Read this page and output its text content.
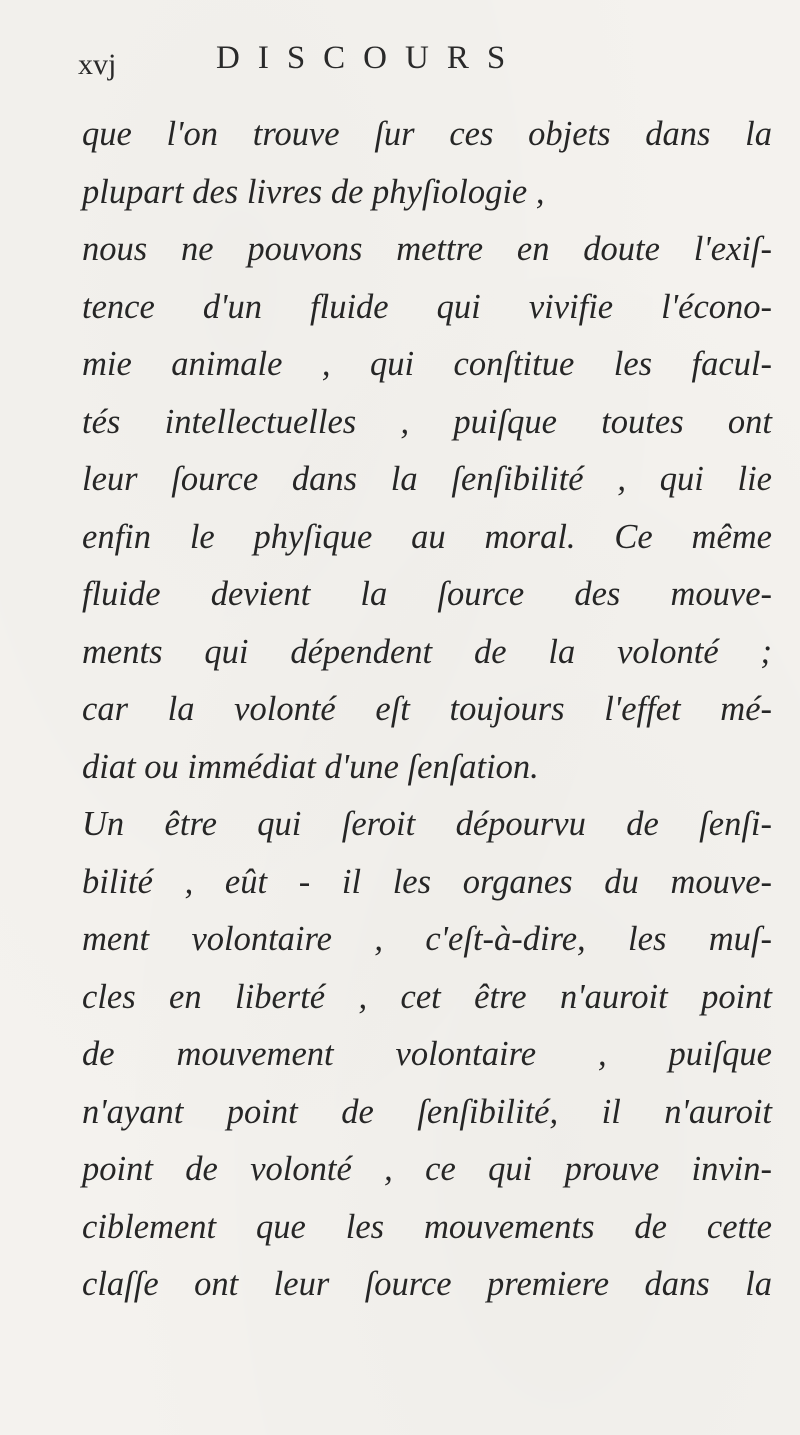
xvj	DISCOURS
que l'on trouve ſur ces objets dans la
plupart des livres de phyſiologie ,
nous ne pouvons mettre en doute l'exiſ-
tence d'un fluide qui vivifie l'écono-
mie animale , qui conſtitue les facul-
tés intellectuelles , puiſque toutes ont
leur ſource dans la ſenſibilité , qui lie
enfin le phyſique au moral. Ce même
fluide devient la ſource des mouve-
ments qui dépendent de la volonté ;
car la volonté eſt toujours l'effet mé-
diat ou immédiat d'une ſenſation.
Un être qui ſeroit dépourvu de ſenſi-
bilité , eût - il les organes du mouve-
ment volontaire , c'eſt-à-dire, les muſ-
cles en liberté , cet être n'auroit point
de mouvement volontaire , puiſque
n'ayant point de ſenſibilité, il n'auroit
point de volonté , ce qui prouve invin-
ciblement que les mouvements de cette
claſſe ont leur ſource premiere dans la
